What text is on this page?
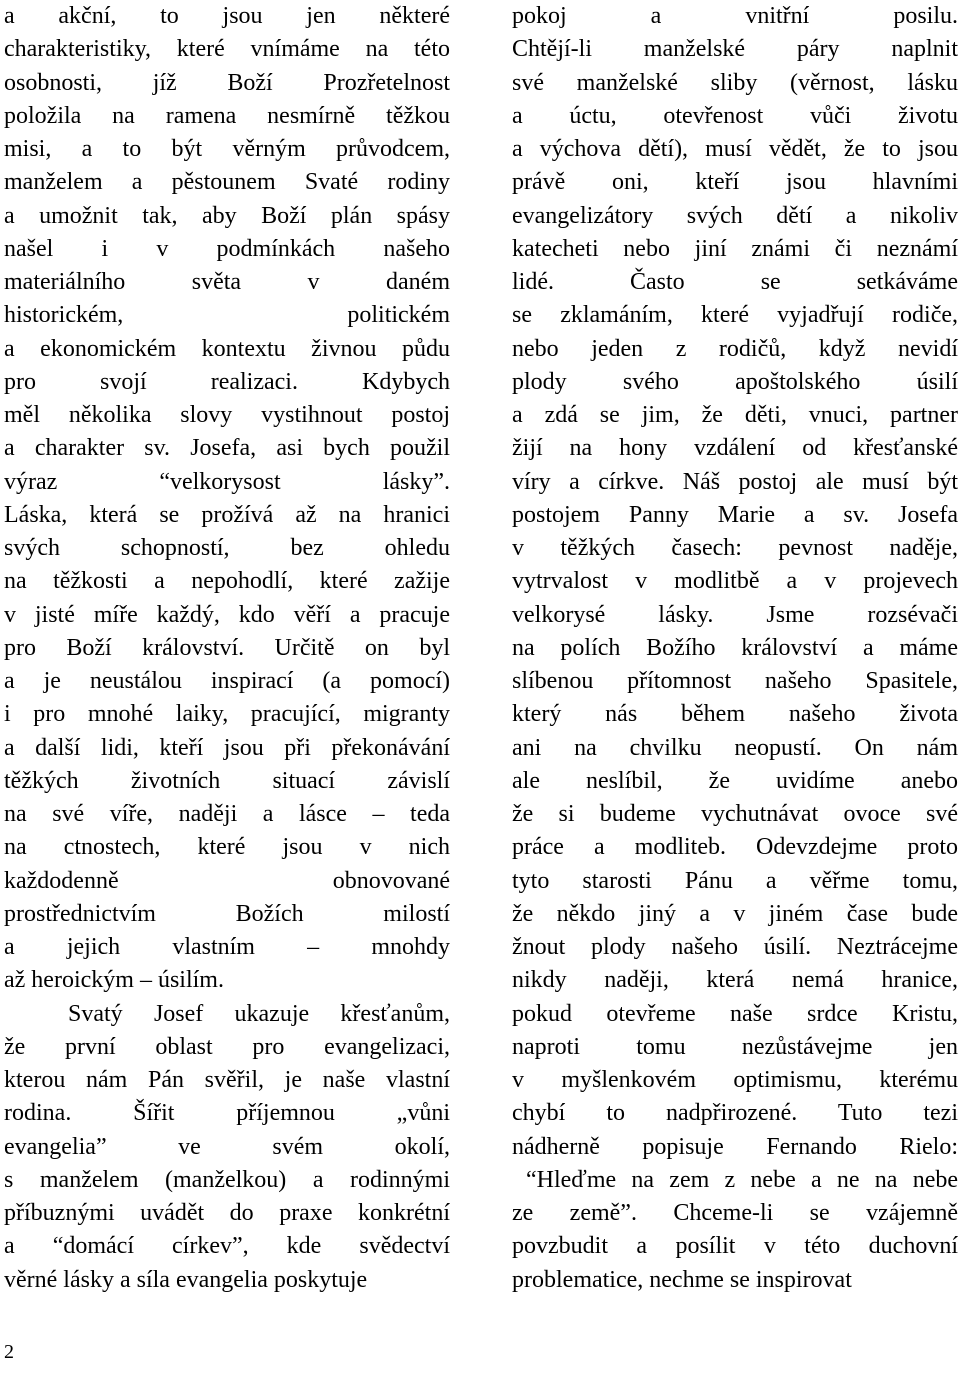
a akční, to jsou jen některé
charakteristiky, které vnímáme na této
osobnosti, jíž Boží Prozřetelnost
položila na ramena nesmírně těžkou
misi, a to být věrným průvodcem,
manželem a pěstounem Svaté rodiny
a umožnit tak, aby Boží plán spásy
našel i v podmínkách našeho
materiálního světa v daném
historickém, politickém
a ekonomickém kontextu živnou půdu
pro svojí realizaci. Kdybych
měl několika slovy vystihnout postoj
a charakter sv. Josefa, asi bych použil
výraz “velkorysost lásky”.
Láska, která se prožívá až na hranici
svých schopností, bez ohledu
na těžkosti a nepohodlí, které zažije
v jisté míře každý, kdo věří a pracuje
pro Boží království. Určitě on byl
a je neustálou inspirací (a pomocí)
i pro mnohé laiky, pracující, migranty
a další lidi, kteří jsou při překonávání
těžkých životních situací závislí
na své víře, naději a lásce – teda
na ctnostech, které jsou v nich
každodenně obnovované
prostřednictvím Božích milostí
a jejich vlastním – mnohdy
až heroickým – úsilím.
Svatý Josef ukazuje křesťanům,
že první oblast pro evangelizaci,
kterou nám Pán svěřil, je naše vlastní
rodina. Šířit příjemnou „vůni
evangelia” ve svém okolí,
s manželem (manželkou) a rodinnými
příbuznými uvádět do praxe konkrétní
a “domácí církev”, kde svědectví
věrné lásky a síla evangelia poskytuje
pokoj a vnitřní posilu.
Chtějí-li manželské páry naplnit
své manželské sliby (věrnost, lásku
a úctu, otevřenost vůči životu
a výchova dětí), musí vědět, že to jsou
právě oni, kteří jsou hlavními
evangelizátory svých dětí a nikoliv
katecheti nebo jiní známi či neznámí
lidé. Často se setkáváme
se zklamáním, které vyjadřují rodiče,
nebo jeden z rodičů, když nevidí
plody svého apoštolského úsilí
a zdá se jim, že děti, vnuci, partner
žijí na hony vzdálení od křesťanské
víry a církve. Náš postoj ale musí být
postojem Panny Marie a sv. Josefa
v těžkých časech: pevnost naděje,
vytrvalost v modlitbě a v projevech
velkorysé lásky. Jsme rozsévači
na polích Božího království a máme
slíbenou přítomnost našeho Spasitele,
který nás během našeho života
ani na chvilku neopustí. On nám
ale neslíbil, že uvidíme anebo
že si budeme vychutnávat ovoce své
práce a modliteb. Odevzdejme proto
tyto starosti Pánu a věřme tomu,
že někdo jiný a v jiném čase bude
žnout plody našeho úsilí. Neztrácejme
nikdy naději, která nemá hranice,
pokud otevřeme naše srdce Kristu,
naproti tomu nezůstávejme jen
v myšlenkovém optimismu, kterému
chybí to nadpřirozené. Tuto tezi
nádherně popisuje Fernando Rielo:
“Hleďme na zem z nebe a ne na nebe
ze země”. Chceme-li se vzájemně
povzbudit a posílit v této duchovní
problematice, nechme se inspirovat
2
